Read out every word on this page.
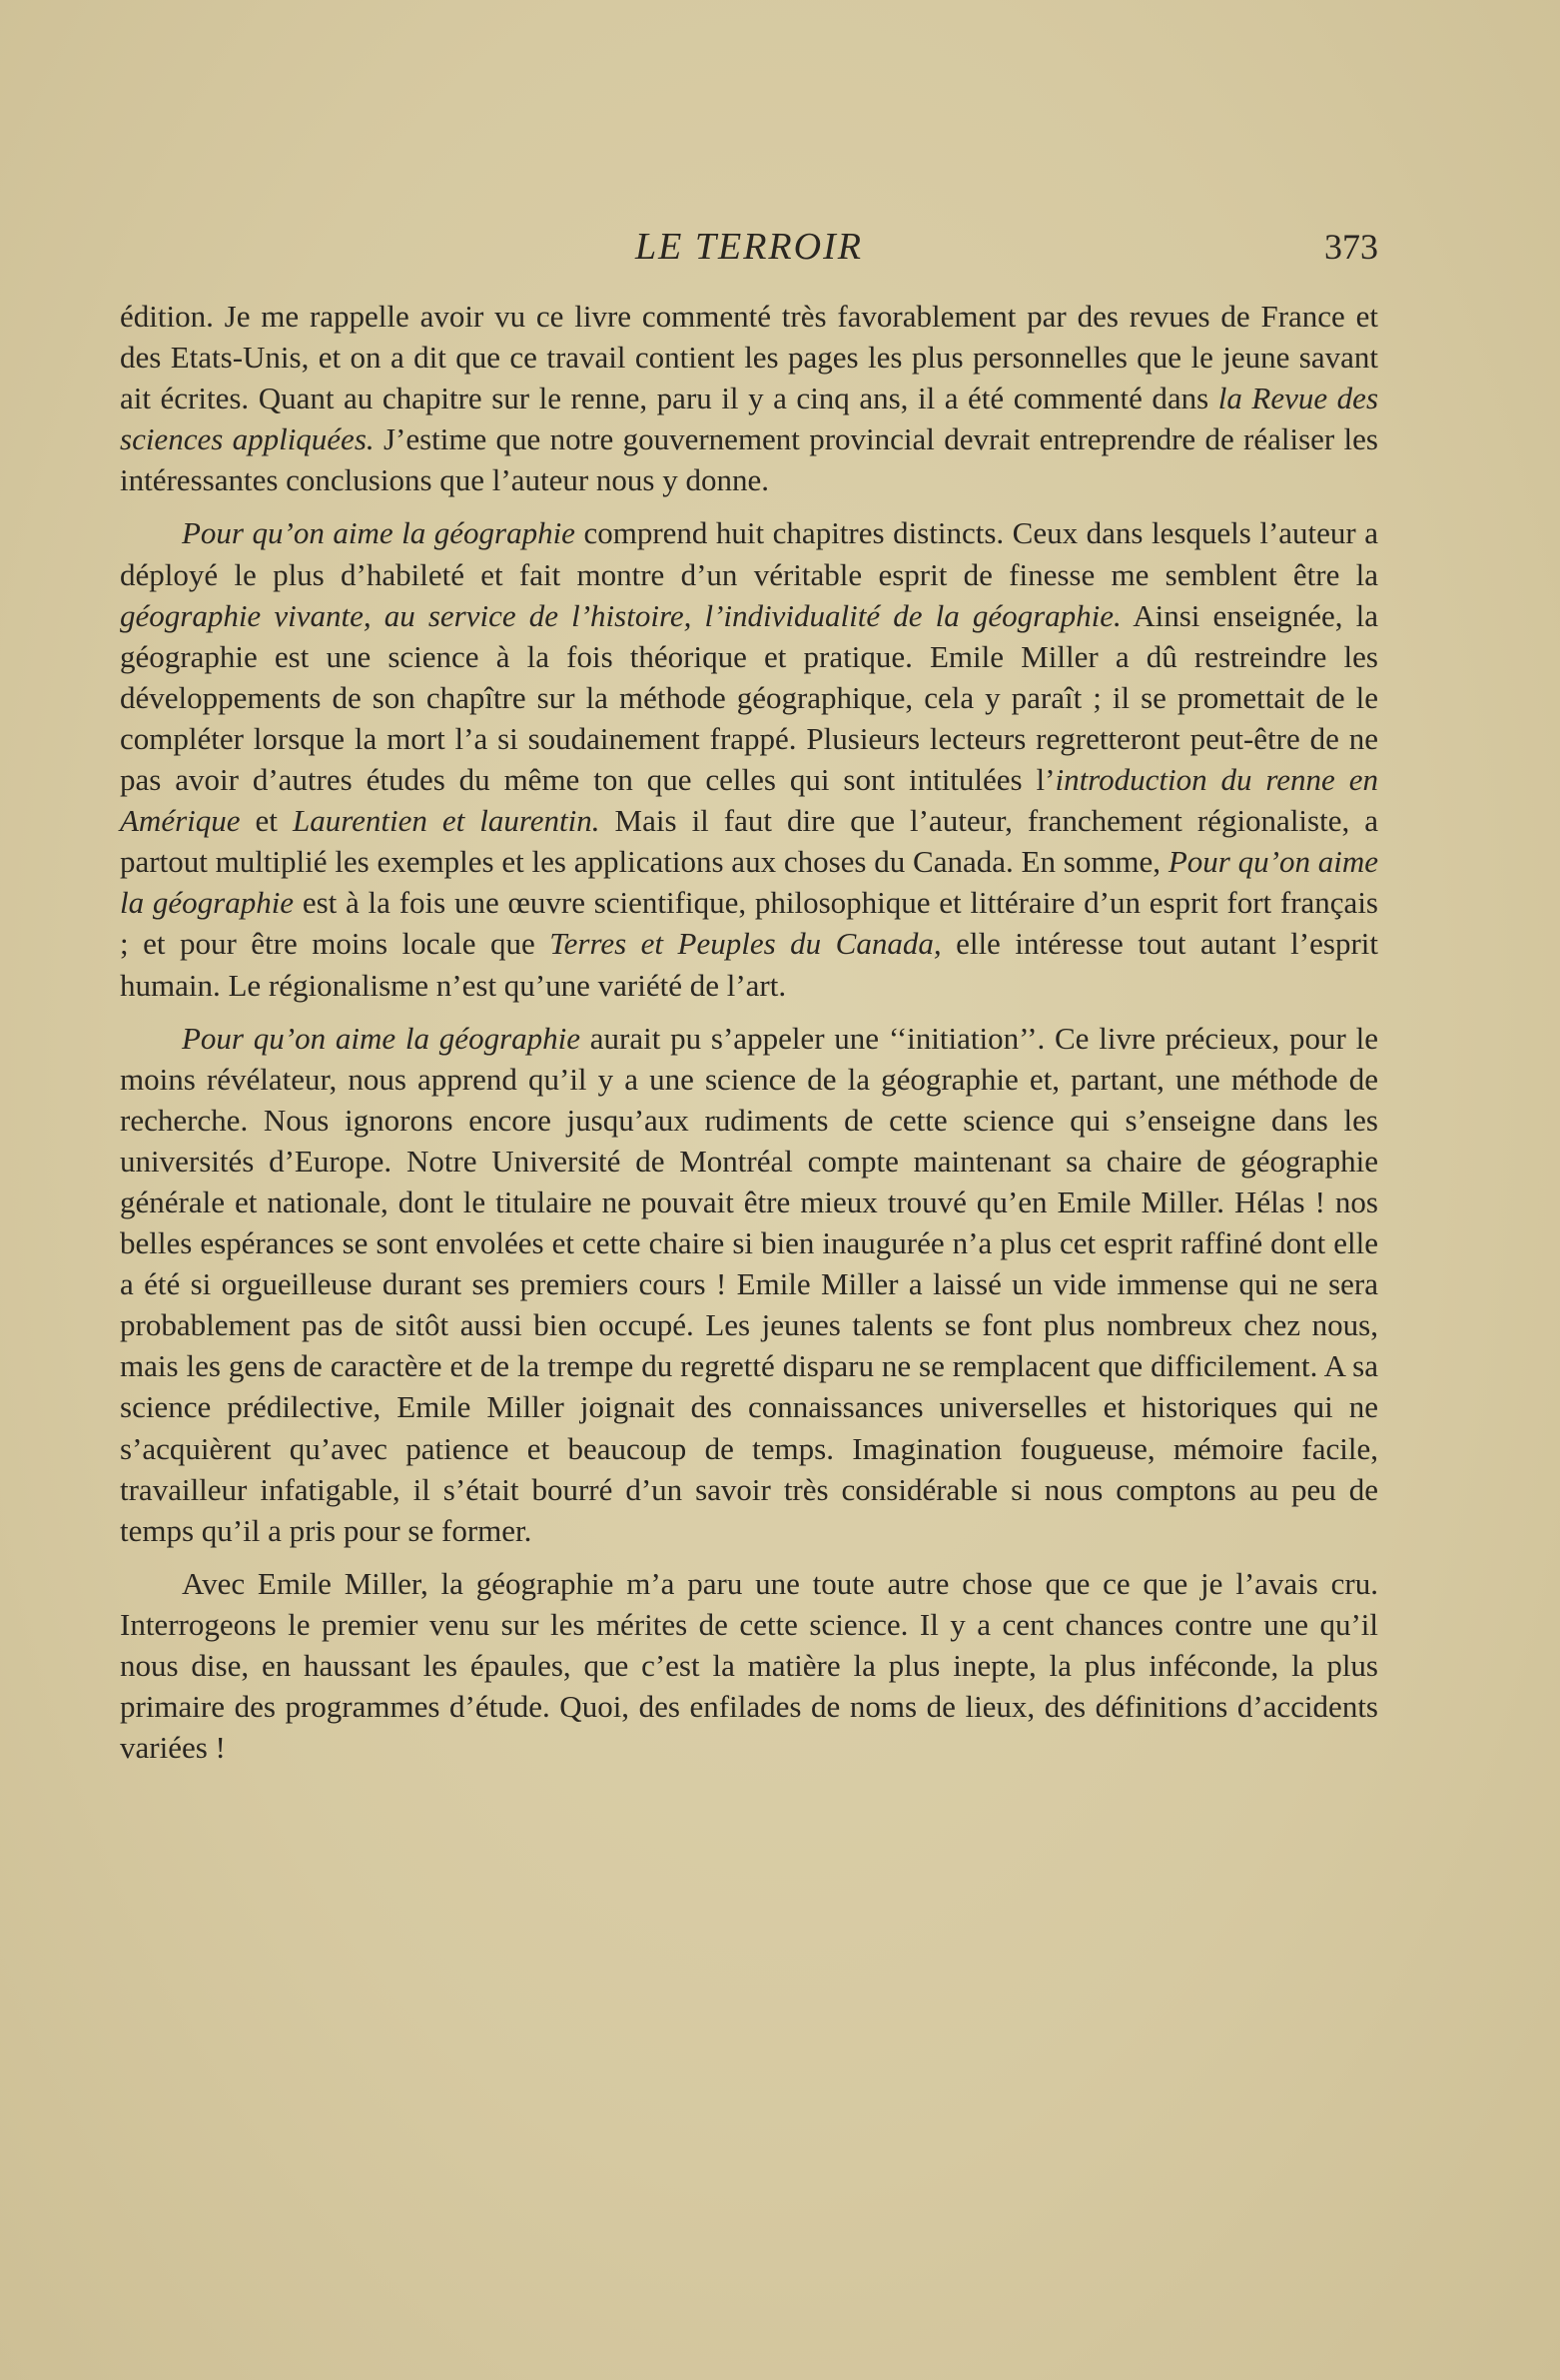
LE TERROIR	373

édition. Je me rappelle avoir vu ce livre commenté très favorablement par des revues de France et des Etats-Unis, et on a dit que ce travail contient les pages les plus personnelles que le jeune savant ait écrites. Quant au chapitre sur le renne, paru il y a cinq ans, il a été commenté dans la Revue des sciences appliquées. J’estime que notre gouvernement provincial devrait entreprendre de réaliser les intéressantes conclusions que l’auteur nous y donne.

Pour qu’on aime la géographie comprend huit chapitres distincts. Ceux dans lesquels l’auteur a déployé le plus d’habileté et fait montre d’un véritable esprit de finesse me semblent être la géographie vivante, au service de l’histoire, l’individualité de la géographie. Ainsi enseignée, la géographie est une science à la fois théorique et pratique. Emile Miller a dû restreindre les développements de son chapître sur la méthode géographique, cela y paraît ; il se promettait de le compléter lorsque la mort l’a si soudainement frappé. Plusieurs lecteurs regretteront peut-être de ne pas avoir d’autres études du même ton que celles qui sont intitulées l’introduction du renne en Amérique et Laurentien et laurentin. Mais il faut dire que l’auteur, franchement régionaliste, a partout multiplié les exemples et les applications aux choses du Canada. En somme, Pour qu’on aime la géographie est à la fois une œuvre scientifique, philosophique et littéraire d’un esprit fort français ; et pour être moins locale que Terres et Peuples du Canada, elle intéresse tout autant l’esprit humain. Le régionalisme n’est qu’une variété de l’art.

Pour qu’on aime la géographie aurait pu s’appeler une ‘‘initiation’’. Ce livre précieux, pour le moins révélateur, nous apprend qu’il y a une science de la géographie et, partant, une méthode de recherche. Nous ignorons encore jusqu’aux rudiments de cette science qui s’enseigne dans les universités d’Europe. Notre Université de Montréal compte maintenant sa chaire de géographie générale et nationale, dont le titulaire ne pouvait être mieux trouvé qu’en Emile Miller. Hélas ! nos belles espérances se sont envolées et cette chaire si bien inaugurée n’a plus cet esprit raffiné dont elle a été si orgueilleuse durant ses premiers cours ! Emile Miller a laissé un vide immense qui ne sera probablement pas de sitôt aussi bien occupé. Les jeunes talents se font plus nombreux chez nous, mais les gens de caractère et de la trempe du regretté disparu ne se remplacent que difficilement. A sa science prédilective, Emile Miller joignait des connaissances universelles et historiques qui ne s’acquièrent qu’avec patience et beaucoup de temps. Imagination fougueuse, mémoire facile, travailleur infatigable, il s’était bourré d’un savoir très considérable si nous comptons au peu de temps qu’il a pris pour se former.

Avec Emile Miller, la géographie m’a paru une toute autre chose que ce que je l’avais cru. Interrogeons le premier venu sur les mérites de cette science. Il y a cent chances contre une qu’il nous dise, en haussant les épaules, que c’est la matière la plus inepte, la plus inféconde, la plus primaire des programmes d’étude. Quoi, des enfilades de noms de lieux, des définitions d’accidents variées !
